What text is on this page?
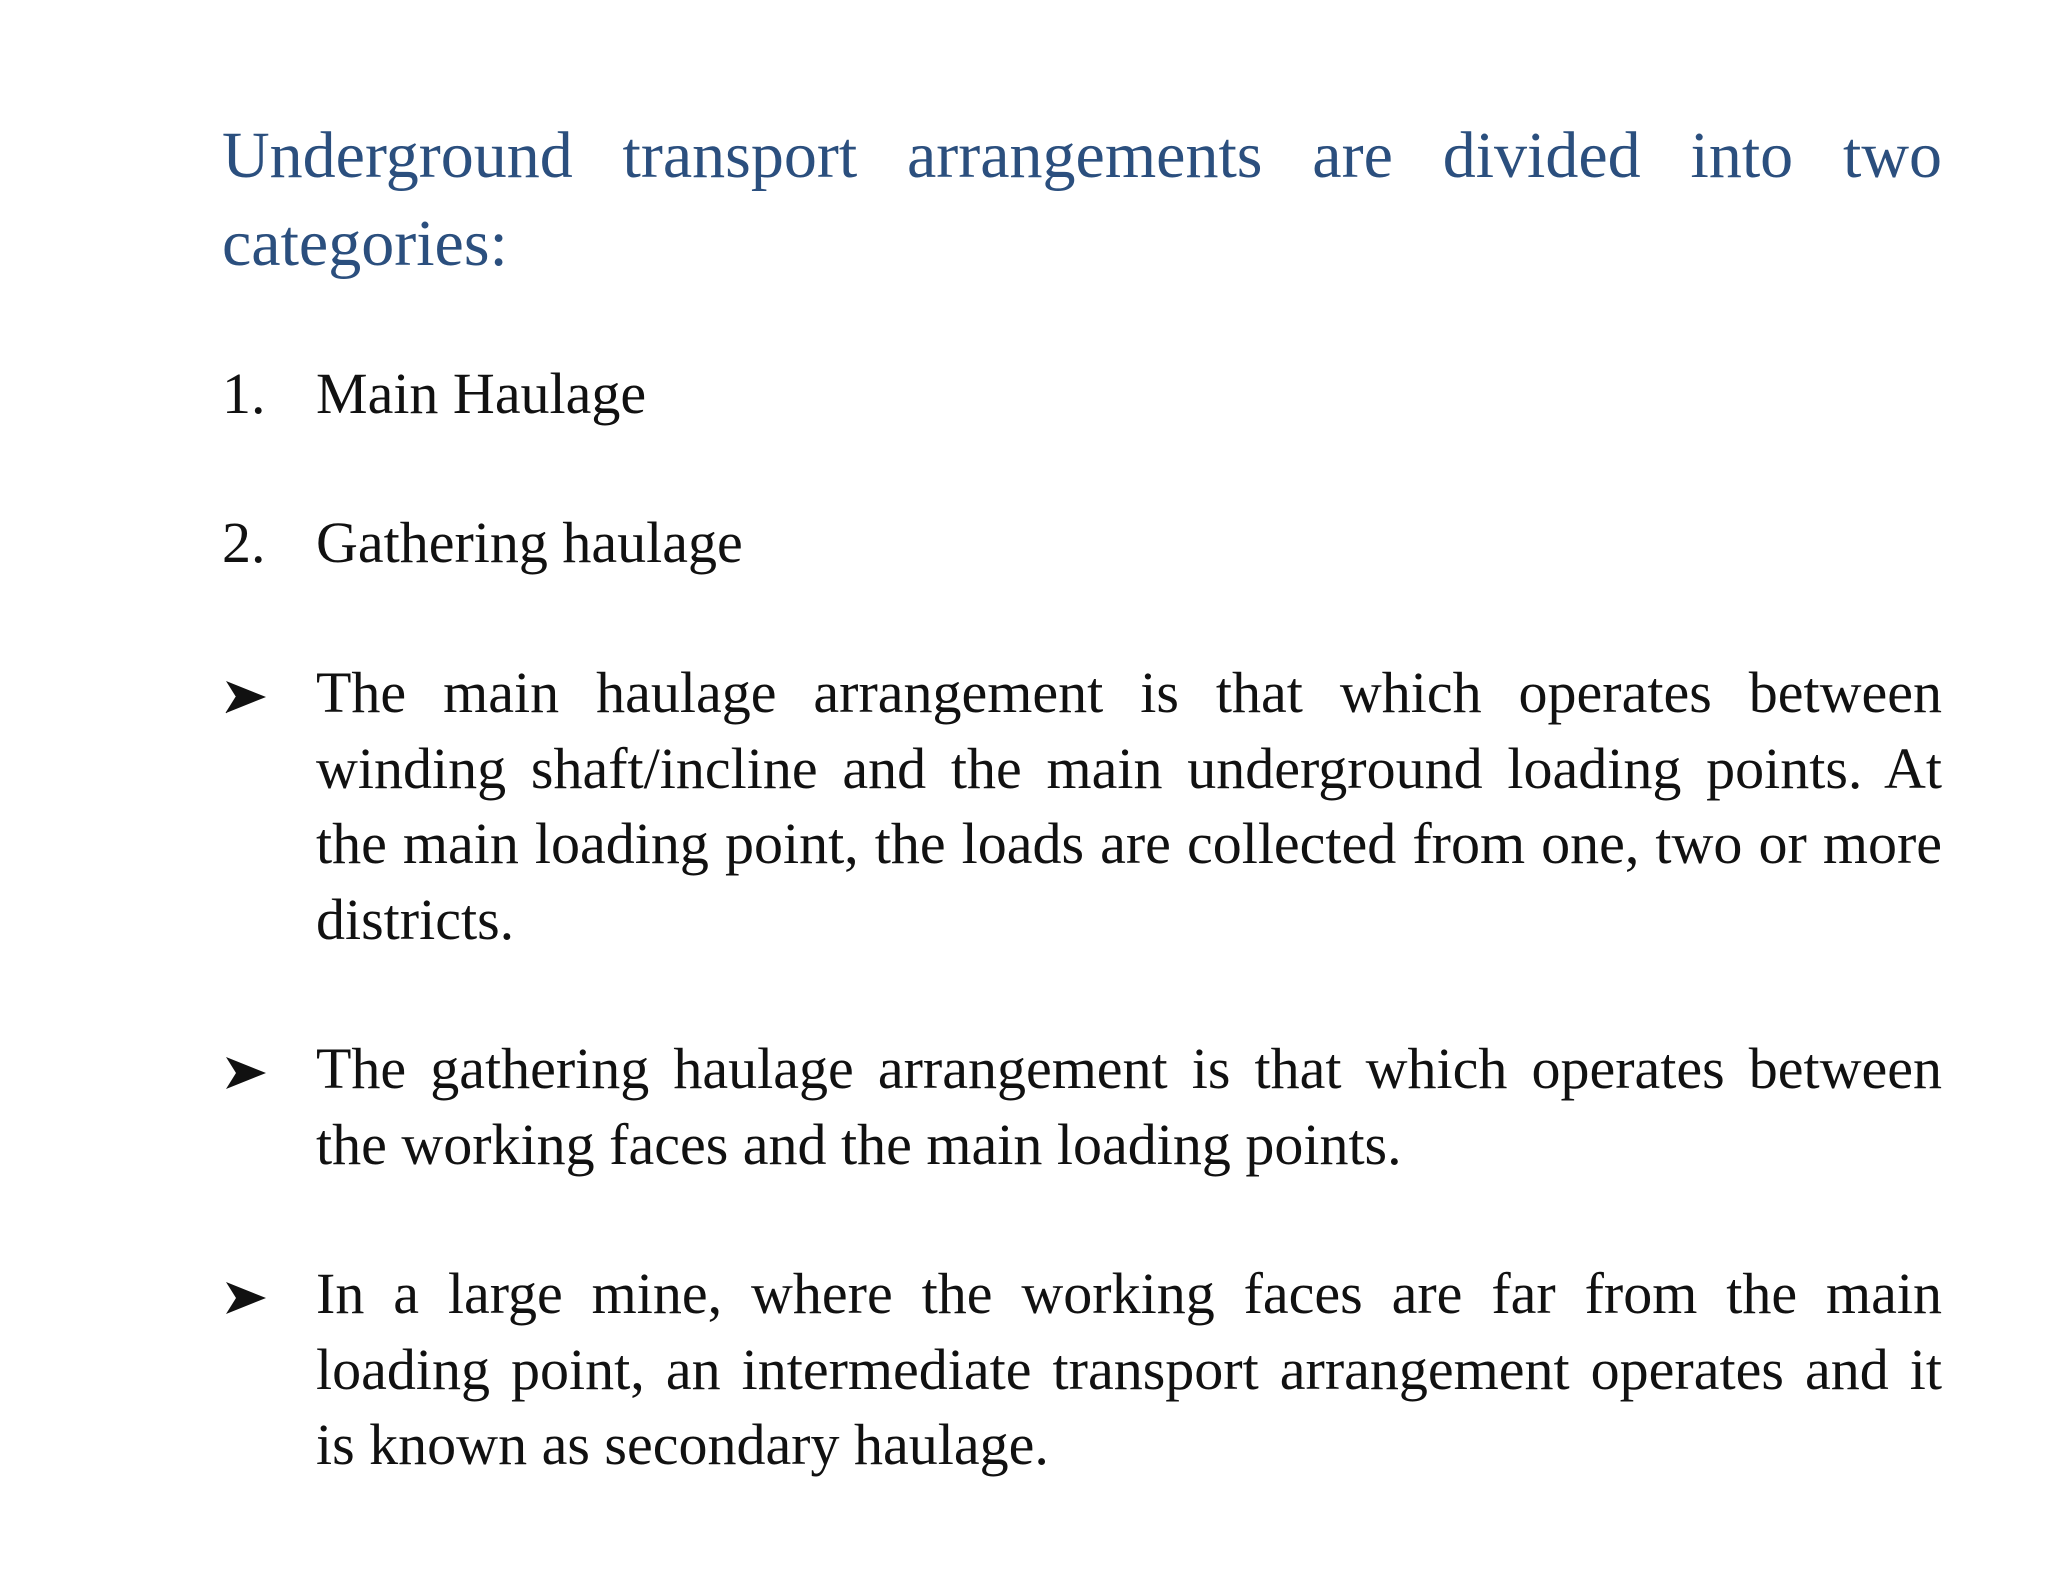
Underground transport arrangements are divided into two categories:
1. Main Haulage
2. Gathering haulage
The main haulage arrangement is that which operates between winding shaft/incline and the main underground loading points. At the main loading point, the loads are collected from one, two or more districts.
The gathering haulage arrangement is that which operates between the working faces and the main loading points.
In a large mine, where the working faces are far from the main loading point, an intermediate transport arrangement operates and it is known as secondary haulage.
